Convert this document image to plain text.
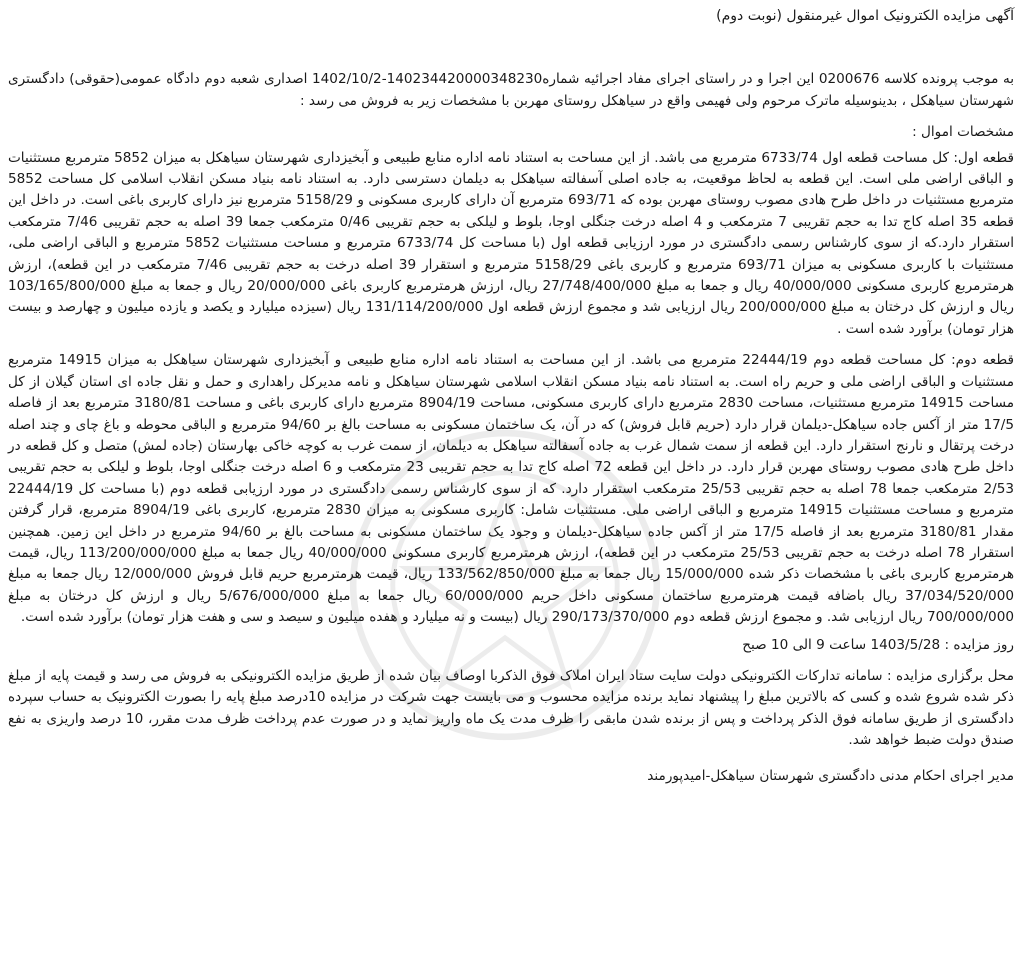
آگهی مزایده الکترونیک اموال غیرمنقول (نوبت دوم)

به موجب پرونده کلاسه 0200676 این اجرا و در راستای اجرای مفاد اجرائیه شماره140234420000348230-1402/10/2 اصداری شعبه دوم دادگاه عمومی(حقوقی) دادگستری شهرستان سیاهکل ، بدینوسیله ماترک مرحوم ولی فهیمی واقع در سیاهکل روستای مهربن با مشخصات زیر به فروش می رسد :

مشخصات اموال :

قطعه اول: کل مساحت قطعه اول 6733/74 مترمربع می باشد. از این مساحت به استناد نامه اداره منابع طبیعی و آبخیزداری شهرستان سیاهکل به میزان 5852 مترمربع مستثنیات و الباقی اراضی ملی است. این قطعه به لحاظ موقعیت، به جاده اصلی آسفالته سیاهکل به دیلمان دسترسی دارد. به استناد نامه بنیاد مسکن انقلاب اسلامی کل مساحت 5852 مترمربع مستثنیات در داخل طرح هادی مصوب روستای مهربن بوده که 693/71 مترمربع آن دارای کاربری مسکونی و 5158/29 مترمربع نیز دارای کاربری باغی است. در داخل این قطعه 35 اصله کاج تدا به حجم تقریبی 7 مترمکعب و 4 اصله درخت جنگلی اوجا، بلوط و لیلکی به حجم تقریبی 0/46 مترمکعب جمعا 39 اصله به حجم تقریبی 7/46 مترمکعب استقرار دارد.که از سوی کارشناس رسمی دادگستری در مورد ارزیابی قطعه اول (با مساحت کل 6733/74 مترمربع و مساحت مستثنیات 5852 مترمربع و الباقی اراضی ملی، مستثنیات با کاربری مسکونی به میزان 693/71 مترمربع و کاربری باغی 5158/29 مترمربع و استقرار 39 اصله درخت به حجم تقریبی 7/46 مترمکعب در این قطعه)، ارزش هرمترمربع کاربری مسکونی 40/000/000 ریال و جمعا به مبلغ 27/748/400/000 ریال، ارزش هرمترمربع کاربری باغی 20/000/000 ریال و جمعا به مبلغ 103/165/800/000 ریال و ارزش کل درختان به مبلغ 200/000/000 ریال ارزیابی شد و مجموع ارزش قطعه اول 131/114/200/000 ریال (سیزده میلیارد و یکصد و یازده میلیون و چهارصد و بیست هزار تومان) برآورد شده است .

قطعه دوم: کل مساحت قطعه دوم 22444/19 مترمربع می باشد. از این مساحت به استناد نامه اداره منابع طبیعی و آبخیزداری شهرستان سیاهکل به میزان 14915 مترمربع مستثنیات و الباقی اراضی ملی و حریم راه است. به استناد نامه بنیاد مسکن انقلاب اسلامی شهرستان سیاهکل و نامه مدیرکل راهداری و حمل و نقل جاده ای استان گیلان از کل مساحت 14915 مترمربع مستثنیات، مساحت 2830 مترمربع دارای کاربری مسکونی، مساحت 8904/19 مترمربع دارای کاربری باغی و مساحت 3180/81 مترمربع بعد از فاصله 17/5 متر از آکس جاده سیاهکل-دیلمان قرار دارد (حریم قابل فروش) که در آن، یک ساختمان مسکونی به مساحت بالغ بر 94/60 مترمربع و الباقی محوطه و باغ چای و چند اصله درخت پرتقال و نارنج استقرار دارد. این قطعه از سمت شمال غرب به جاده آسفالته سیاهکل به دیلمان، از سمت غرب به کوچه خاکی بهارستان (جاده لمش) متصل و کل قطعه در داخل طرح هادی مصوب روستای مهربن قرار دارد. در داخل این قطعه 72 اصله کاج تدا به حجم تقریبی 23 مترمکعب و 6 اصله درخت جنگلی اوجا، بلوط و لیلکی به حجم تقریبی 2/53 مترمکعب جمعا 78 اصله به حجم تقریبی 25/53 مترمکعب استقرار دارد. که از سوی کارشناس رسمی دادگستری در مورد ارزیابی قطعه دوم (با مساحت کل 22444/19 مترمربع و مساحت مستثنیات 14915 مترمربع و الباقی اراضی ملی. مستثنیات شامل: کاربری مسکونی به میزان 2830 مترمربع، کاربری باغی 8904/19 مترمربع، قرار گرفتن مقدار 3180/81 مترمربع بعد از فاصله 17/5 متر از آکس جاده سیاهکل-دیلمان و وجود یک ساختمان مسکونی به مساحت بالغ بر 94/60 مترمربع در داخل این زمین. همچنین استقرار 78 اصله درخت به حجم تقریبی 25/53 مترمکعب در این قطعه)، ارزش هرمترمربع کاربری مسکونی 40/000/000 ریال جمعا به مبلغ 113/200/000/000 ریال، قیمت هرمترمربع کاربری باغی با مشخصات ذکر شده 15/000/000 ریال جمعا به مبلغ 133/562/850/000 ریال، قیمت هرمترمربع حریم قابل فروش 12/000/000 ریال جمعا به مبلغ 37/034/520/000 ریال باضافه قیمت هرمترمربع ساختمان مسکونی داخل حریم 60/000/000 ریال جمعا به مبلغ 5/676/000/000 ریال و ارزش کل درختان به مبلغ 700/000/000 ریال ارزیابی شد. و مجموع ارزش قطعه دوم 290/173/370/000 ریال (بیست و نه میلیارد و هفده میلیون و سیصد و سی و هفت هزار تومان) برآورد شده است.

روز مزایده : 1403/5/28 ساعت 9 الی 10 صبح

محل برگزاری مزایده : سامانه تدارکات الکترونیکی دولت سایت ستاد ایران املاک فوق الذکربا اوصاف بیان شده از طریق مزایده الکترونیکی به فروش می رسد و قیمت پایه از مبلغ ذکر شده شروع شده و کسی که بالاترین مبلغ را پیشنهاد نماید برنده مزایده محسوب و می بایست جهت شرکت در مزایده 10درصد مبلغ پایه را بصورت الکترونیک به حساب سپرده دادگستری از طریق سامانه فوق الذکر پرداخت و پس از برنده شدن مابقی را ظرف مدت یک ماه واریز نماید و در صورت عدم پرداخت ظرف مدت مقرر، 10 درصد واریزی به نفع صندق دولت ضبط خواهد شد.

مدیر اجرای احکام مدنی دادگستری شهرستان سیاهکل-امیدپورمند
